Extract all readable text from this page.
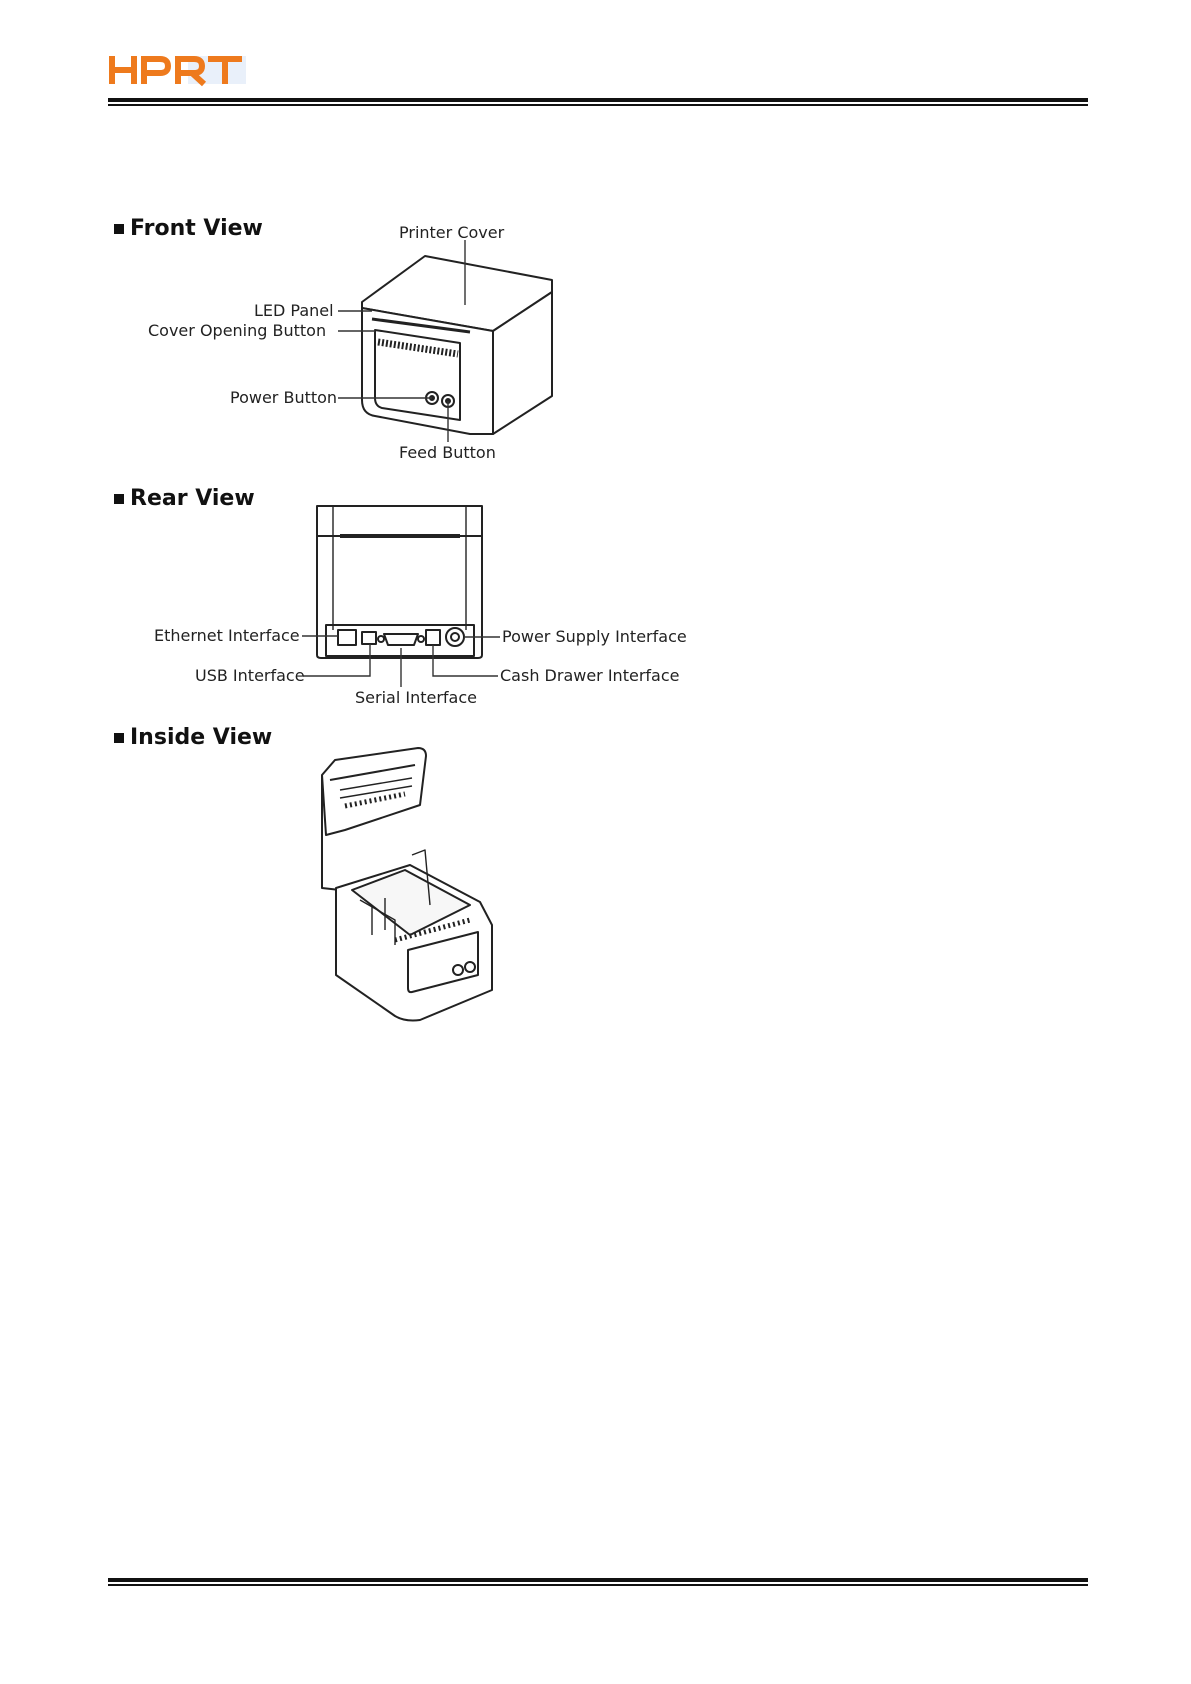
Front View	Printer Cover
LED Panel
Cover Opening Button
Power Button
Feed Button
Rear View
Ethernet Interface
USB Interface
Serial Interface
Power Supply Interface
Cash Drawer Interface
Inside View
